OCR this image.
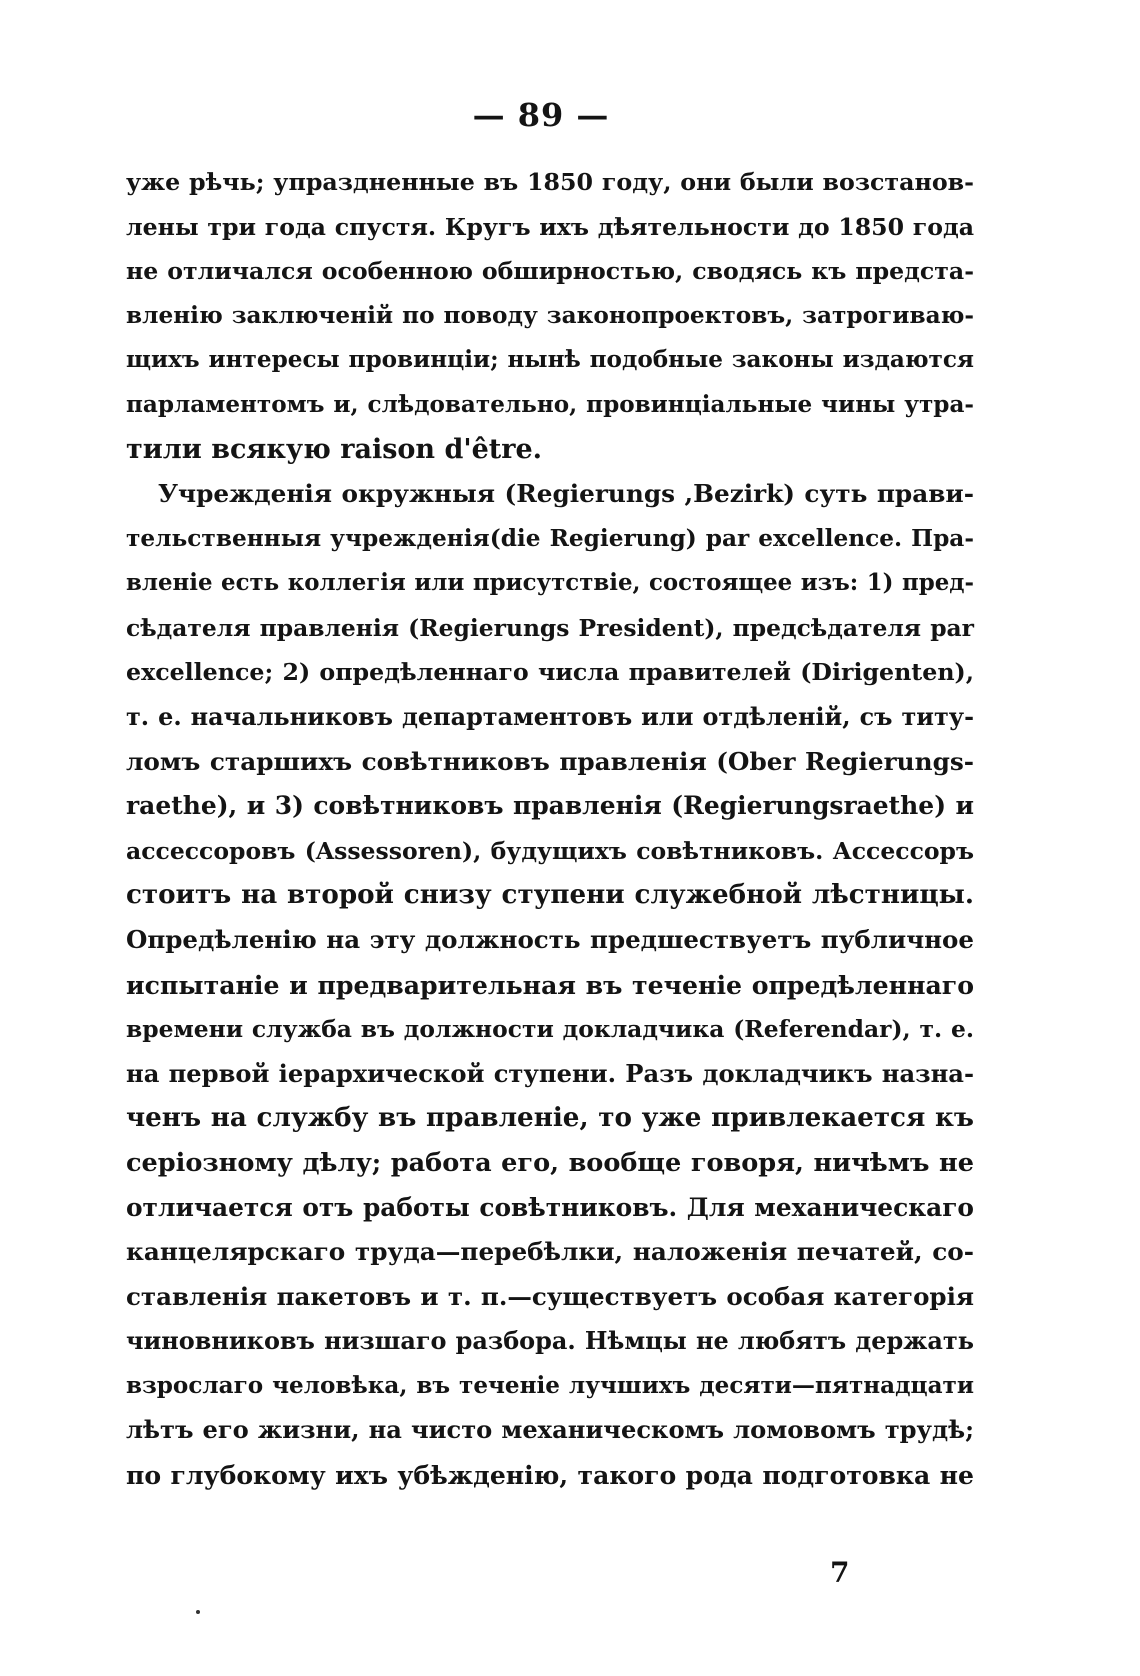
— 89 —
уже рѣчь; упраздненные въ 1850 году, они были возстанов-
лены три года спустя. Кругъ ихъ дѣятельности до 1850 года
не отличался особенною обширностью, сводясь къ предста-
вленію заключеній по поводу законопроектовъ, затрогиваю-
щихъ интересы провинціи; нынѣ подобные законы издаются
парламентомъ и, слѣдовательно, провинціальные чины утра-
тили всякую raison d'être.
Учрежденія окружныя (Regierungs ,Bezirk) суть прави-
тельственныя учрежденія(die Regierung) par excellence. Пра-
вленіе есть коллегія или присутствіе, состоящее изъ: 1) пред-
сѣдателя правленія (Regierungs President), предсѣдателя par
excellence; 2) опредѣленнаго числа правителей (Dirigenten),
т. е. начальниковъ департаментовъ или отдѣленій, съ титу-
ломъ старшихъ совѣтниковъ правленія (Ober Regierungs-
raethe), и 3) совѣтниковъ правленія (Regierungsraethe) и
ассессоровъ (Assessoren), будущихъ совѣтниковъ. Ассессоръ
стоитъ на второй снизу ступени служебной лѣстницы.
Опредѣленію на эту должность предшествуетъ публичное
испытаніе и предварительная въ теченіе опредѣленнаго
времени служба въ должности докладчика (Referendar), т. е.
на первой іерархической ступени. Разъ докладчикъ назна-
ченъ на службу въ правленіе, то уже привлекается къ
серіозному дѣлу; работа его, вообще говоря, ничѣмъ не
отличается отъ работы совѣтниковъ. Для механическаго
канцелярскаго труда—перебѣлки, наложенія печатей, со-
ставленія пакетовъ и т. п.—существуетъ особая категорія
чиновниковъ низшаго разбора. Нѣмцы не любятъ держать
взрослаго человѣка, въ теченіе лучшихъ десяти—пятнадцати
лѣтъ его жизни, на чисто механическомъ ломовомъ трудѣ;
по глубокому ихъ убѣжденію, такого рода подготовка не
7
